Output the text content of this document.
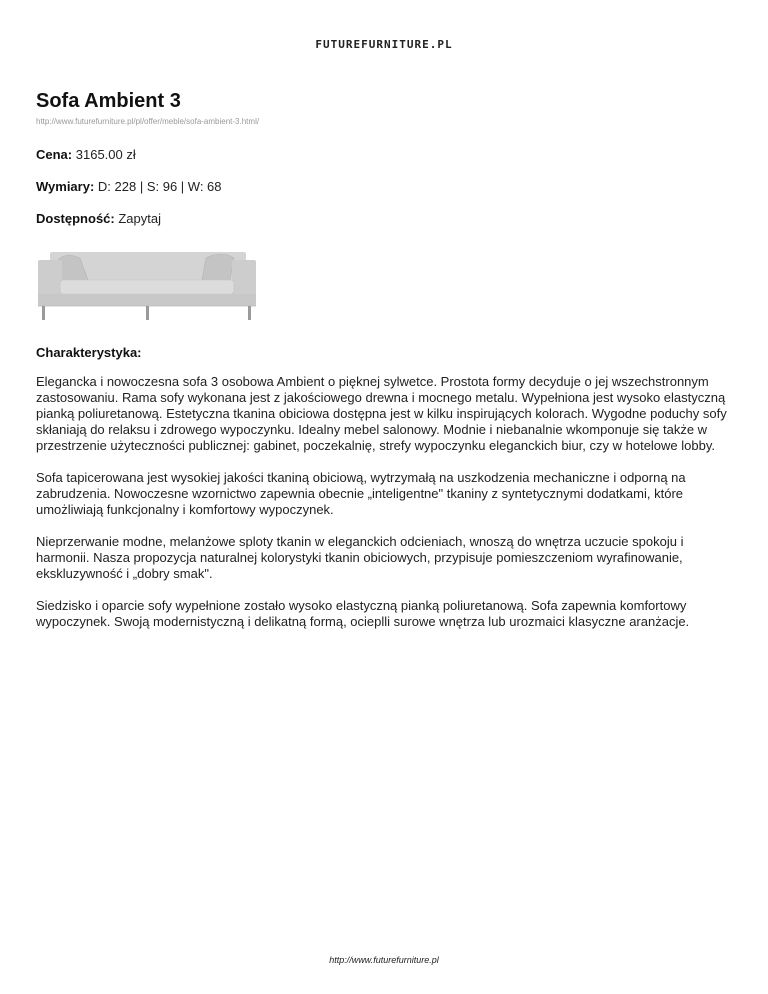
FUTUREFURNITURE.PL
Sofa Ambient 3
http://www.futurefurniture.pl/pl/offer/meble/sofa-ambient-3.html/
Cena: 3165.00 zł
Wymiary: D: 228 | S: 96 | W: 68
Dostępność: Zapytaj
Charakterystyka:

Elegancka i nowoczesna sofa 3 osobowa Ambient o pięknej sylwetce. Prostota formy decyduje o jej wszechstronnym zastosowaniu. Rama sofy wykonana jest z jakościowego drewna i mocnego metalu. Wypełniona jest wysoko elastyczną pianką poliuretanową. Estetyczna tkanina obiciowa dostępna jest w kilku inspirujących kolorach. Wygodne poduchy sofy skłaniają do relaksu i zdrowego wypoczynku. Idealny mebel salonowy. Modnie i niebanalnie wkomponuje się także w przestrzenie użyteczności publicznej: gabinet, poczekalnię, strefy wypoczynku eleganckich biur, czy w hotelowe lobby.

Sofa tapicerowana jest wysokiej jakości tkaniną obiciową, wytrzymałą na uszkodzenia mechaniczne i odporną na zabrudzenia. Nowoczesne wzornictwo zapewnia obecnie „inteligentne" tkaniny z syntetycznymi dodatkami, które umożliwiają funkcjonalny i komfortowy wypoczynek.

Nieprzerwanie modne, melanżowe sploty tkanin w eleganckich odcieniach, wnoszą do wnętrza uczucie spokoju i harmonii. Nasza propozycja naturalnej kolorystyki tkanin obiciowych, przypisuje pomieszczeniom wyrafinowanie, ekskluzywność i „dobry smak".

Siedzisko i oparcie sofy wypełnione zostało wysoko elastyczną pianką poliuretanową. Sofa zapewnia komfortowy wypoczynek. Swoją modernistyczną i delikatną formą, ocieplli surowe wnętrza lub urozmaici klasyczne aranżacje.

http://www.futurefurniture.pl
